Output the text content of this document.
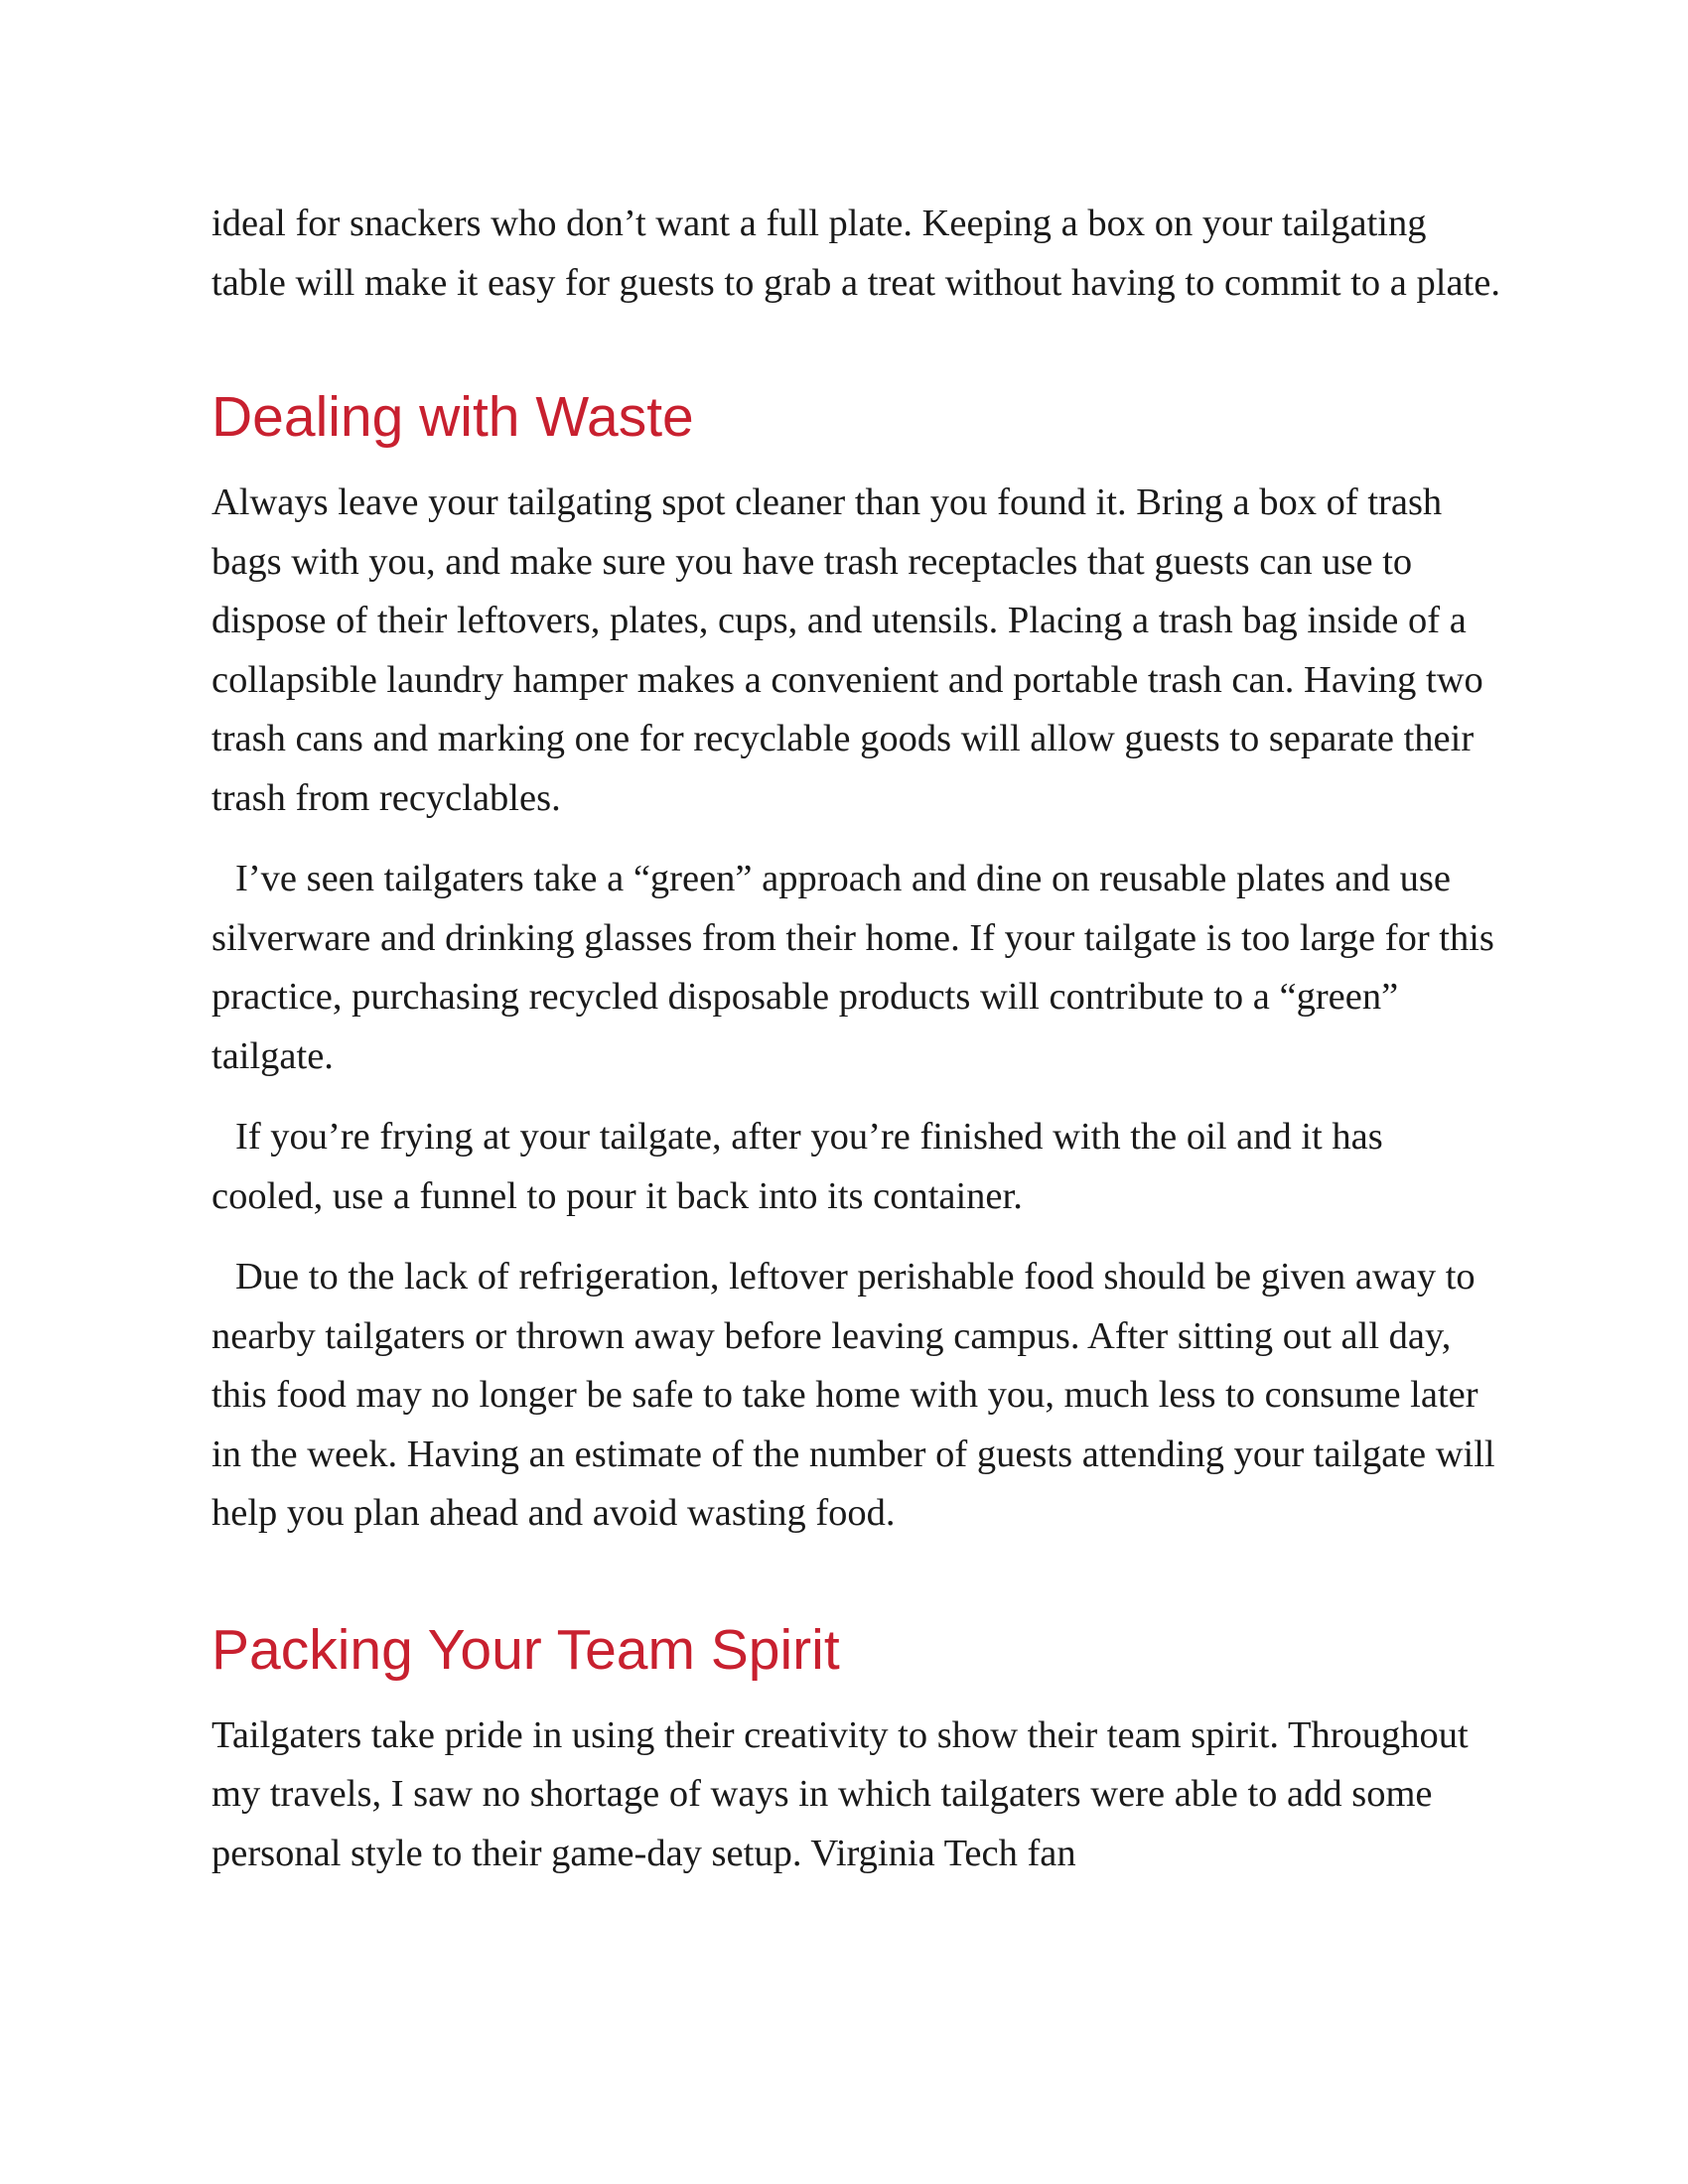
ideal for snackers who don’t want a full plate. Keeping a box on your tailgating table will make it easy for guests to grab a treat without having to commit to a plate.

Dealing with Waste

Always leave your tailgating spot cleaner than you found it. Bring a box of trash bags with you, and make sure you have trash receptacles that guests can use to dispose of their leftovers, plates, cups, and utensils. Placing a trash bag inside of a collapsible laundry hamper makes a convenient and portable trash can. Having two trash cans and marking one for recyclable goods will allow guests to separate their trash from recyclables.

I’ve seen tailgaters take a “green” approach and dine on reusable plates and use silverware and drinking glasses from their home. If your tailgate is too large for this practice, purchasing recycled disposable products will contribute to a “green” tailgate.

If you’re frying at your tailgate, after you’re finished with the oil and it has cooled, use a funnel to pour it back into its container.

Due to the lack of refrigeration, leftover perishable food should be given away to nearby tailgaters or thrown away before leaving campus. After sitting out all day, this food may no longer be safe to take home with you, much less to consume later in the week. Having an estimate of the number of guests attending your tailgate will help you plan ahead and avoid wasting food.

Packing Your Team Spirit

Tailgaters take pride in using their creativity to show their team spirit. Throughout my travels, I saw no shortage of ways in which tailgaters were able to add some personal style to their game-day setup. Virginia Tech fan
